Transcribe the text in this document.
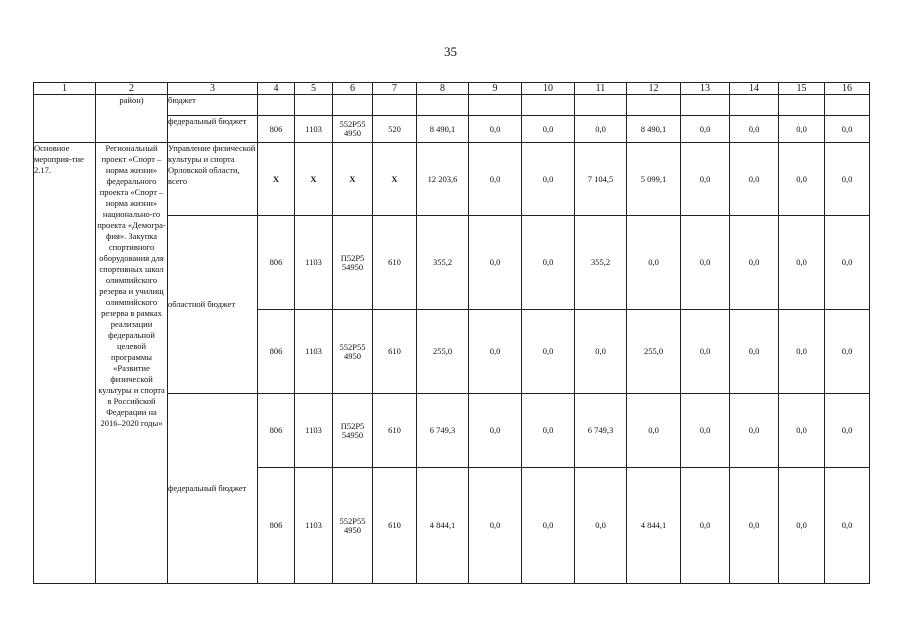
35
1	2	3	4	5	6	7	8	9	10	11	12	13	14	15	16
	район)	бюджет													
		федеральный бюджет	806	1103	552P55 4950	520	8 490,1	0,0	0,0	0,0	8 490,1	0,0	0,0	0,0	0,0
Основное мероприя-тие 2.17.	Региональный проект «Спорт – норма жизни» федерального проекта «Спорт – норма жизни» национально-го проекта «Демогра-фия». Закупка спортивного оборудования для спортивных школ олимпийского резерва и училищ олимпийского резерва в рамках реализации федеральной целевой программы «Развитие физической культуры и спорта в Российской Федерации на 2016–2020 годы»	Управление физической культуры и спорта Орловской области, всего	X	X	X	X	12 203,6	0,0	0,0	7 104,5	5 099,1	0,0	0,0	0,0	0,0
		областной бюджет	806	1103	П52Р5 54950	610	355,2	0,0	0,0	355,2	0,0	0,0	0,0	0,0	0,0
			806	1103	552P55 4950	610	255,0	0,0	0,0	0,0	255,0	0,0	0,0	0,0	0,0
		федеральный бюджет	806	1103	П52Р5 54950	610	6 749,3	0,0	0,0	6 749,3	0,0	0,0	0,0	0,0	0,0
			806	1103	552P55 4950	610	4 844,1	0,0	0,0	0,0	4 844,1	0,0	0,0	0,0	0,0
